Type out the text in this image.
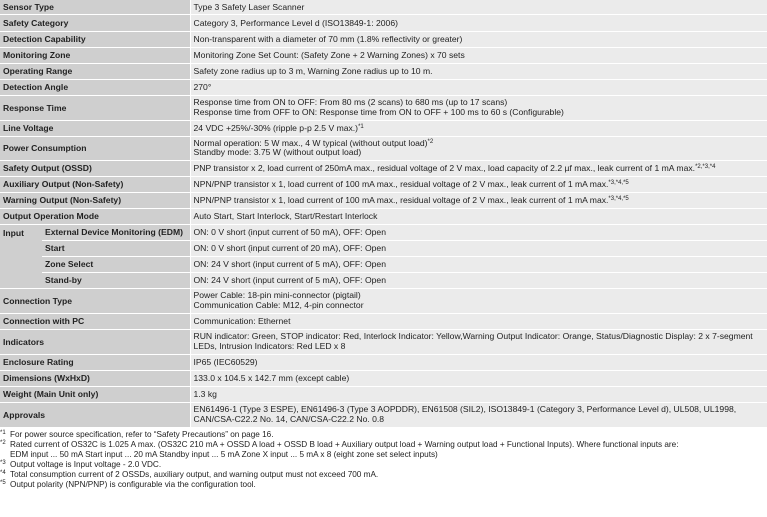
Sensor Type		Type 3 Safety Laser Scanner
Safety Category		Category 3, Performance Level d (ISO13849-1: 2006)
Detection Capability		Non-transparent with a diameter of 70 mm (1.8% reflectivity or greater)
Monitoring Zone		Monitoring Zone Set Count: (Safety Zone + 2 Warning Zones) x 70 sets
Operating Range		Safety zone radius up to 3 m, Warning Zone radius up to 10 m.
Detection Angle		270°
Response Time		Response time from ON to OFF: From 80 ms (2 scans) to 680 ms (up to 17 scans)
Response time from OFF to ON: Response time from ON to OFF + 100 ms to 60 s (Configurable)

Line Voltage		24 VDC +25%/-30% (ripple p-p 2.5 V max.)$^{*1}$
Power Consumption		Normal operation: 5 W max., 4 W typical (without output load)$^{*2}$
Standby mode: 3.75 W (without output load)

Safety Output (OSSD)		PNP transistor x 2, load current of 250mA max., residual voltage of 2 V max., load capacity of 2.2 µf max., leak current of 1 mA max.$^{*2,*3,*4}$
Auxiliary Output (Non-Safety)		NPN/PNP transistor x 1, load current of 100 mA max., residual voltage of 2 V max., leak current of 1 mA max.$^{*3,*4,*5}$
Warning Output (Non-Safety)		NPN/PNP transistor x 1, load current of 100 mA max., residual voltage of 2 V max., leak current of 1 mA max.$^{*3,*4,*5}$
Output Operation Mode		Auto Start, Start Interlock, Start/Restart Interlock
Input	External Device Monitoring (EDM)	ON: 0 V short (input current of 50 mA), OFF: Open
	Start	ON: 0 V short (input current of 20 mA), OFF: Open
	Zone Select	ON: 24 V short (input current of 5 mA), OFF: Open
	Stand-by	ON: 24 V short (input current of 5 mA), OFF: Open
Connection Type		Power Cable: 18-pin mini-connector (pigtail)
Communication Cable: M12, 4-pin connector

Connection with PC		Communication: Ethernet
Indicators		RUN indicator: Green, STOP indicator: Red, Interlock Indicator: Yellow,Warning Output Indicator: Orange, Status/Diagnostic Display: 2 x 7-segment
LEDs, Intrusion Indicators: Red LED x 8

Enclosure Rating		IP65 (IEC60529)
Dimensions (WxHxD)		133.0 x 104.5 x 142.7 mm (except cable)
Weight (Main Unit only)		1.3 kg
Approvals		EN61496-1 (Type 3 ESPE), EN61496-3 (Type 3 AOPDDR), EN61508 (SIL2), ISO13849-1 (Category 3, Performance Level d), UL508, UL1998,
CAN/CSA-C22.2 No. 14, CAN/CSA-C22.2 No. 0.8
*1 For power source specification, refer to “Safety Precautions” on page 16.
*2 Rated current of OS32C is 1.025 A max. (OS32C 210 mA + OSSD A load + OSSD B load + Auxiliary output load + Warning output load + Functional Inputs). Where functional inputs are:
EDM input ... 50 mA Start input ... 20 mA Standby input ... 5 mA Zone X input ... 5 mA x 8 (eight zone set select inputs)
*3 Output voltage is Input voltage - 2.0 VDC.
*4 Total consumption current of 2 OSSDs, auxiliary output, and warning output must not exceed 700 mA.
*5 Output polarity (NPN/PNP) is configurable via the configuration tool.
